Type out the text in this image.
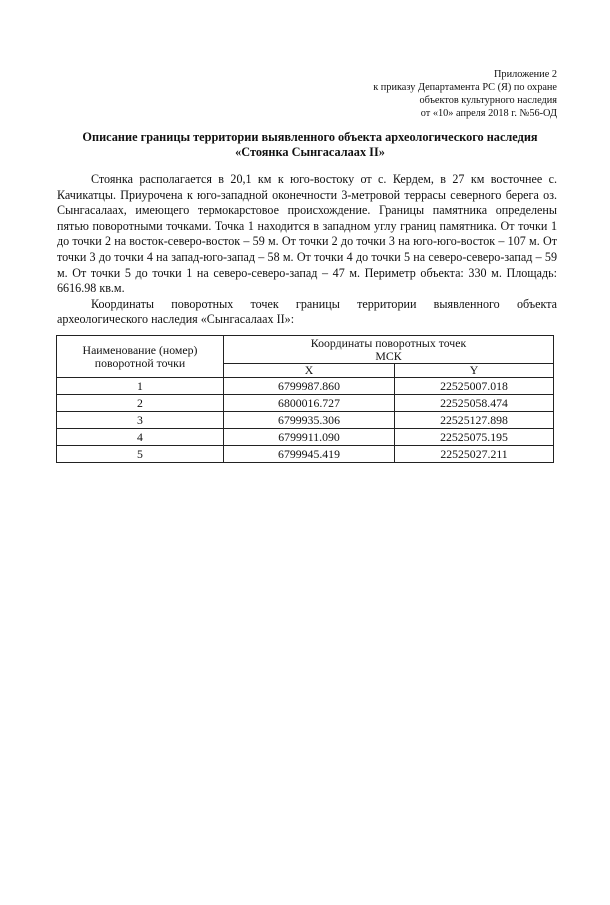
Приложение 2
к приказу Департамента РС (Я) по охране
объектов культурного наследия
от «10» апреля 2018 г. №56-ОД
Описание границы территории выявленного объекта археологического наследия
«Стоянка Сынгасалаах II»

Стоянка располагается в 20,1 км к юго-востоку от с. Кердем, в 27 км восточнее с. Качикатцы. Приурочена к юго-западной оконечности 3-метровой террасы северного берега оз. Сынгасалаах, имеющего термокарстовое происхождение. Границы памятника определены пятью поворотными точками. Точка 1 находится в западном углу границ памятника. От точки 1 до точки 2 на восток-северо-восток – 59 м. От точки 2 до точки 3 на юго-юго-восток – 107 м. От точки 3 до точки 4 на запад-юго-запад – 58 м. От точки 4 до точки 5 на северо-северо-запад – 59 м. От точки 5 до точки 1 на северо-северо-запад – 47 м. Периметр объекта: 330 м. Площадь: 6616.98 кв.м.

Координаты поворотных точек границы территории выявленного объекта археологического наследия «Сынгасалаах II»:

Наименование (номер) поворотной точки	Координаты поворотных точек
МСК	

	X	Y
1	6799987.860	22525007.018
2	6800016.727	22525058.474
3	6799935.306	22525127.898
4	6799911.090	22525075.195
5	6799945.419	22525027.211
